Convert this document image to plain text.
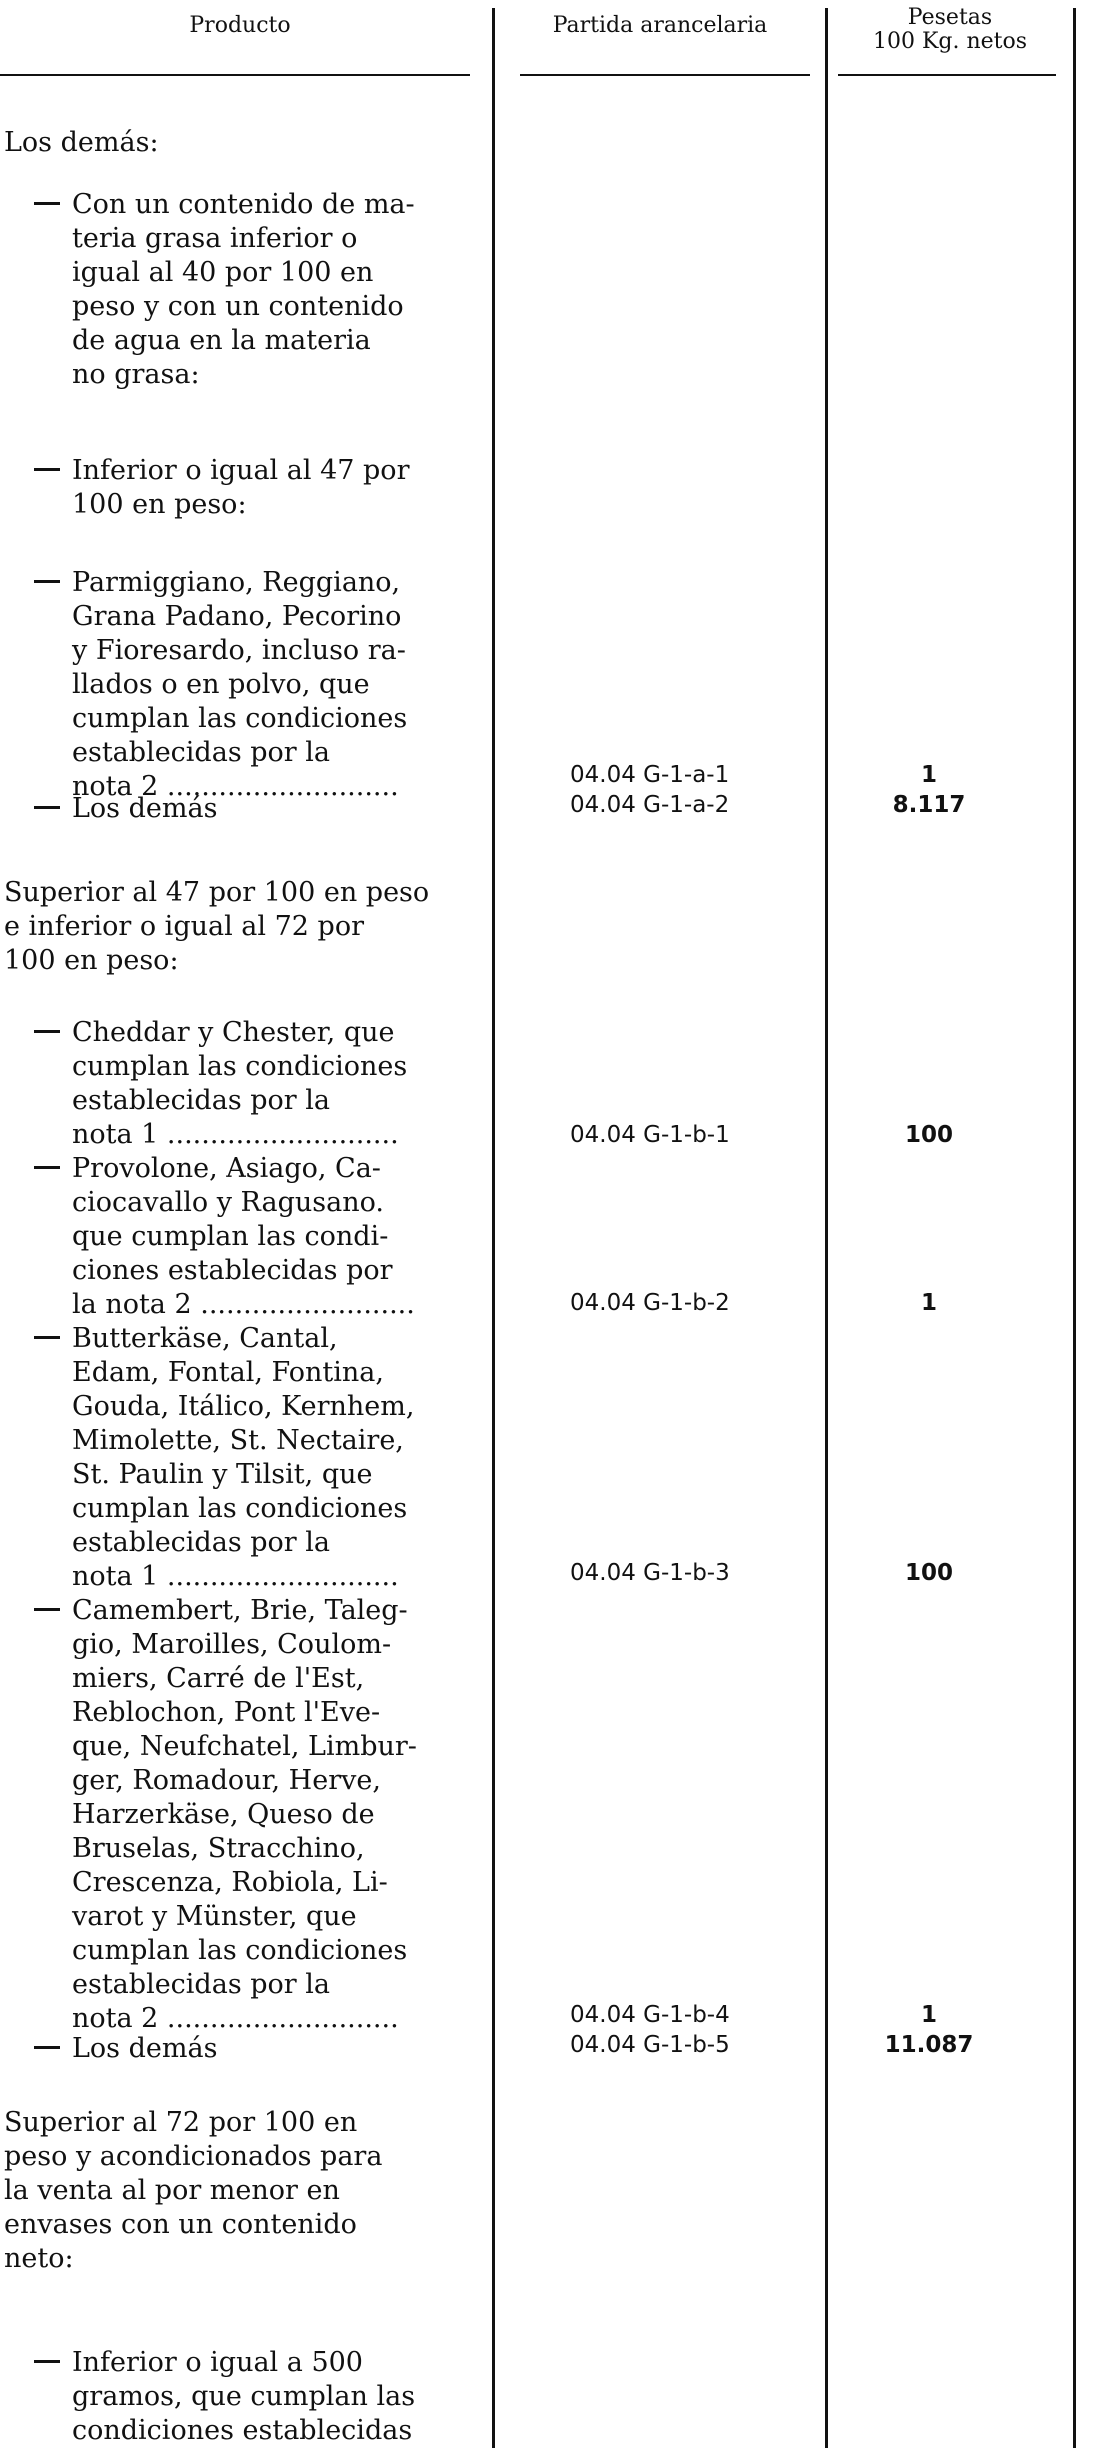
Producto	Partida arancelaria	Pesetas
100 Kg. netos
Los demás:
Con un contenido de ma-
teria grasa inferior o
igual al 40 por 100 en
peso y con un contenido
de agua en la materia
no grasa:
Inferior o igual al 47 por
100 en peso:
Parmiggiano, Reggiano,
Grana Padano, Pecorino
y Fioresardo, incluso ra-
llados o en polvo, que
cumplan las condiciones
establecidas por la
nota 2 ...........................	04.04 G-1-a-1	1
Los demás	04.04 G-1-a-2	8.117
Superior al 47 por 100 en peso
e inferior o igual al 72 por
100 en peso:
Cheddar y Chester, que
cumplan las condiciones
establecidas por la
nota 1 ...........................	04.04 G-1-b-1	100
Provolone, Asiago, Ca-
ciocavallo y Ragusano.
que cumplan las condi-
ciones establecidas por
la nota 2 .........................	04.04 G-1-b-2	1
Butterkäse, Cantal,
Edam, Fontal, Fontina,
Gouda, Itálico, Kernhem,
Mimolette, St. Nectaire,
St. Paulin y Tilsit, que
cumplan las condiciones
establecidas por la
nota 1 ...........................	04.04 G-1-b-3	100
Camembert, Brie, Taleg-
gio, Maroilles, Coulom-
miers, Carré de l'Est,
Reblochon, Pont l'Eve-
que, Neufchatel, Limbur-
ger, Romadour, Herve,
Harzerkäse, Queso de
Bruselas, Stracchino,
Crescenza, Robiola, Li-
varot y Münster, que
cumplan las condiciones
establecidas por la
nota 2 ...........................	04.04 G-1-b-4	1
Los demás	04.04 G-1-b-5	11.087
Superior al 72 por 100 en
peso y acondicionados para
la venta al por menor en
envases con un contenido
neto:
Inferior o igual a 500
gramos, que cumplan las
condiciones establecidas
